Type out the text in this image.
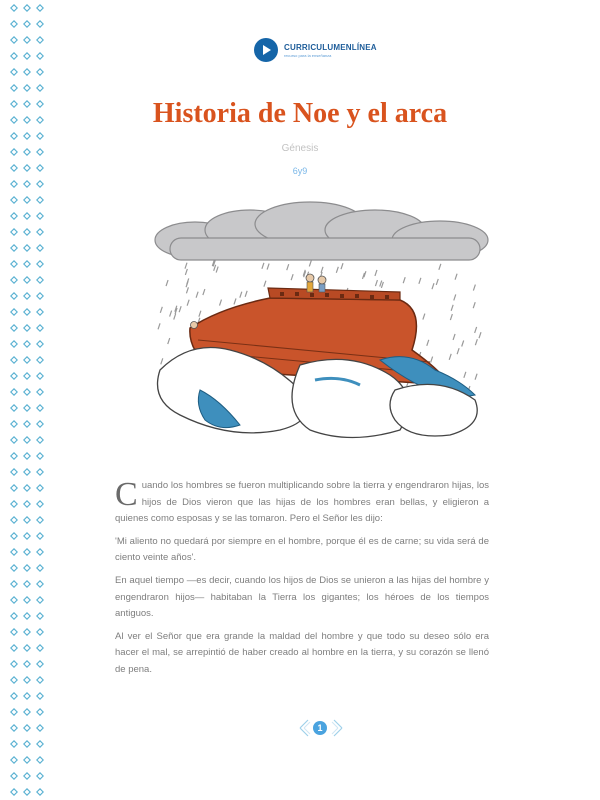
CURRICULUMENLÍNEA
recurso para la enseñanza
Historia de Noe y el arca
Génesis
6y9

Cuando los hombres se fueron multiplicando sobre la tierra y engendraron hijas, los hijos de Dios vieron que las hijas de los hombres eran bellas, y eligieron a quienes como esposas y se las tomaron. Pero el Señor les dijo:

'Mi aliento no quedará por siempre en el hombre, porque él es de carne; su vida será de ciento veinte años'.

En aquel tiempo —es decir, cuando los hijos de Dios se unieron a las hijas del hombre y engendraron hijos— habitaban la Tierra los gigantes; los héroes de los tiempos antiguos.

Al ver el Señor que era grande la maldad del hombre y que todo su deseo sólo era hacer el mal, se arrepintió de haber creado al hombre en la tierra, y su corazón se llenó de pena.

1
